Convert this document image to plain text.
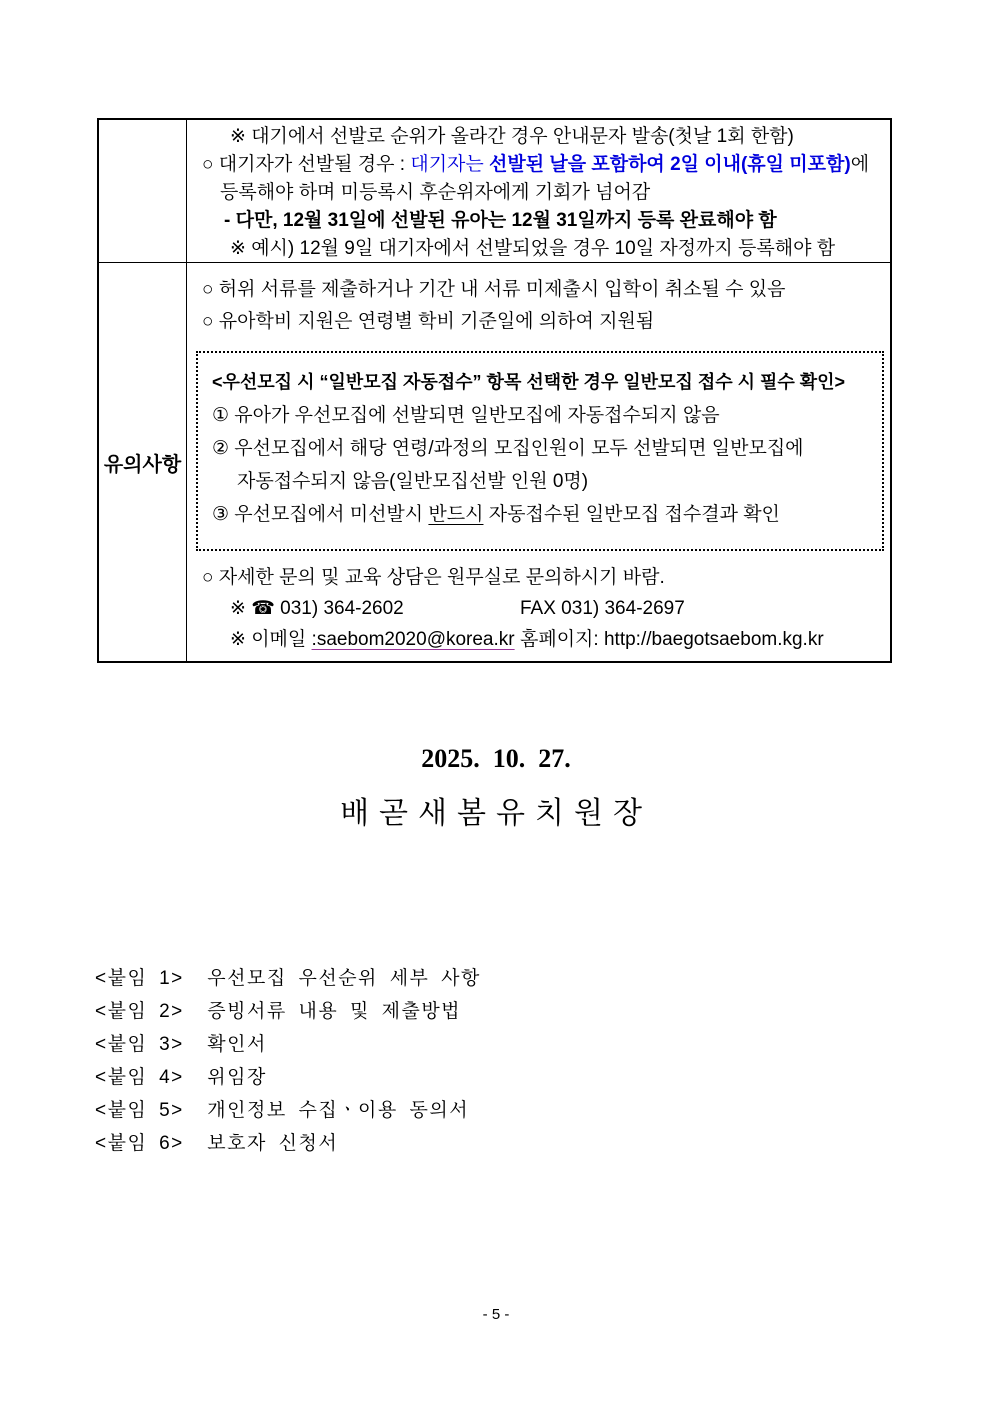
※ 대기에서 선발로 순위가 올라간 경우 안내문자 발송(첫날 1회 한함)
○ 대기자가 선발될 경우 : 대기자는 선발된 날을 포함하여 2일 이내(휴일 미포함)에
등록해야 하며 미등록시 후순위자에게 기회가 넘어감
- 다만, 12월 31일에 선발된 유아는 12월 31일까지 등록 완료해야 함
※ 예시) 12월 9일 대기자에서 선발되었을 경우 10일 자정까지 등록해야 함
유의사항
○ 허위 서류를 제출하거나 기간 내 서류 미제출시 입학이 취소될 수 있음
○ 유아학비 지원은 연령별 학비 기준일에 의하여 지원됨
<우선모집 시 “일반모집 자동접수” 항목 선택한 경우 일반모집 접수 시 필수 확인>
① 유아가 우선모집에 선발되면 일반모집에 자동접수되지 않음
② 우선모집에서 해당 연령/과정의 모집인원이 모두 선발되면 일반모집에
자동접수되지 않음(일반모집선발 인원 0명)
③ 우선모집에서 미선발시 반드시 자동접수된 일반모집 접수결과 확인
○ 자세한 문의 및 교육 상담은 원무실로 문의하시기 바람.
※ ☎ 031) 364-2602	FAX 031) 364-2697
※ 이메일 :saebom2020@korea.kr 홈페이지: http://baegotsaebom.kg.kr
2025.  10.  27.
배곧새봄유치원장
<붙임 1>  우선모집 우선순위 세부 사항
<붙임 2>  증빙서류 내용 및 제출방법
<붙임 3>  확인서
<붙임 4>  위임장
<붙임 5>  개인정보 수집ㆍ이용 동의서
<붙임 6>  보호자 신청서
- 5 -
